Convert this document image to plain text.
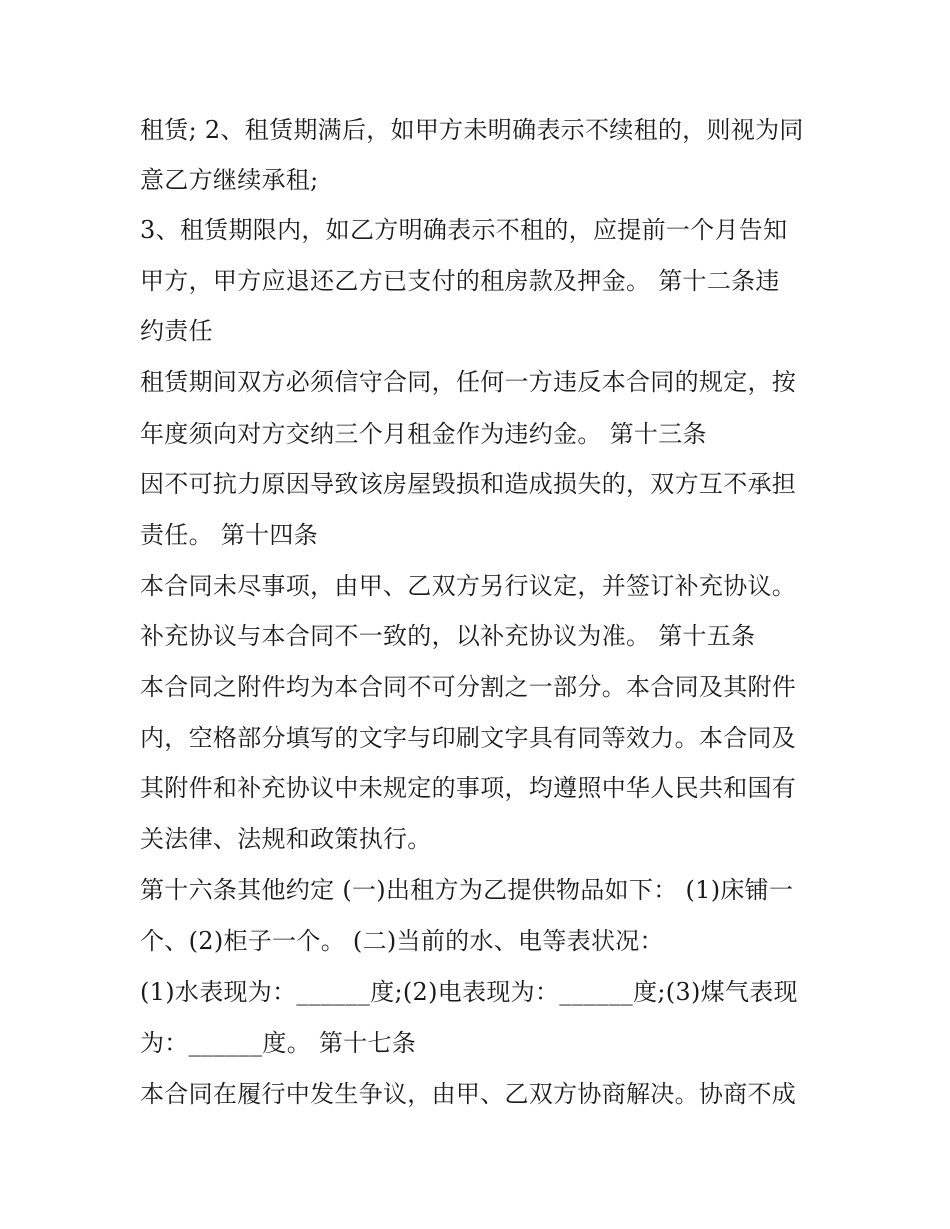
租赁; 2、租赁期满后，如甲方未明确表示不续租的，则视为同
意乙方继续承租;
3、租赁期限内，如乙方明确表示不租的，应提前一个月告知
甲方，甲方应退还乙方已支付的租房款及押金。 第十二条违
约责任
租赁期间双方必须信守合同，任何一方违反本合同的规定，按
年度须向对方交纳三个月租金作为违约金。 第十三条
因不可抗力原因导致该房屋毁损和造成损失的，双方互不承担
责任。 第十四条
本合同未尽事项，由甲、乙双方另行议定，并签订补充协议。
补充协议与本合同不一致的，以补充协议为准。 第十五条
本合同之附件均为本合同不可分割之一部分。本合同及其附件
内，空格部分填写的文字与印刷文字具有同等效力。本合同及
其附件和补充协议中未规定的事项，均遵照中华人民共和国有
关法律、法规和政策执行。
第十六条其他约定 (一)出租方为乙提供物品如下： (1)床铺一
个、(2)柜子一个。 (二)当前的水、电等表状况：
(1)水表现为：______度;(2)电表现为：______度;(3)煤气表现
为：______度。 第十七条
本合同在履行中发生争议，由甲、乙双方协商解决。协商不成
